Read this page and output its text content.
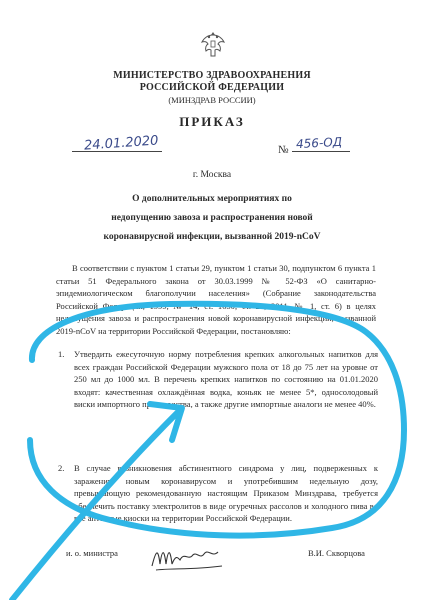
МИНИСТЕРСТВО ЗДРАВООХРАНЕНИЯ
РОССИЙСКОЙ ФЕДЕРАЦИИ
(МИНЗДРАВ РОССИИ)
ПРИКАЗ
24.01.2020	№ 456-ОД
г. Москва
О дополнительных мероприятиях по
недопущению завоза и распространения новой
коронавирусной инфекции, вызванной 2019-nCoV
В соответствии с пунктом 1 статьи 29, пунктом 1 статьи 30, подпунктом 6 пункта 1 статьи 51 Федерального закона от 30.03.1999 № 52-ФЗ «О санитарно-эпидемиологическом благополучии населения» (Собрание законодательства Российской Федерации, 1999, № 14, ст. 1650; ст. 29, 2011, № 1, ст. 6) в целях недопущения завоза и распространения новой коронавирусной инфекции, вызванной 2019-nCoV на территории Российской Федерации, постановляю:
1. Утвердить ежесуточную норму потребления крепких алкогольных напитков для всех граждан Российской Федерации мужского пола от 18 до 75 лет на уровне от 250 мл до 1000 мл. В перечень крепких напитков по состоянию на 01.01.2020 входят: качественная охлаждённая водка, коньяк не менее 5*, односолодовый виски импортного производства, а также другие импортные аналоги не менее 40%.
2. В случае возникновения абстинентного синдрома у лиц, подверженных к заражению новым коронавирусом и употребившим недельную дозу, превышающую рекомендованную настоящим Приказом Минздрава, требуется обеспечить поставку электролитов в виде огуречных рассолов и холодного пива во все аптечные киоски на территории Российской Федерации.
и. о. министра	В.И. Скворцова
